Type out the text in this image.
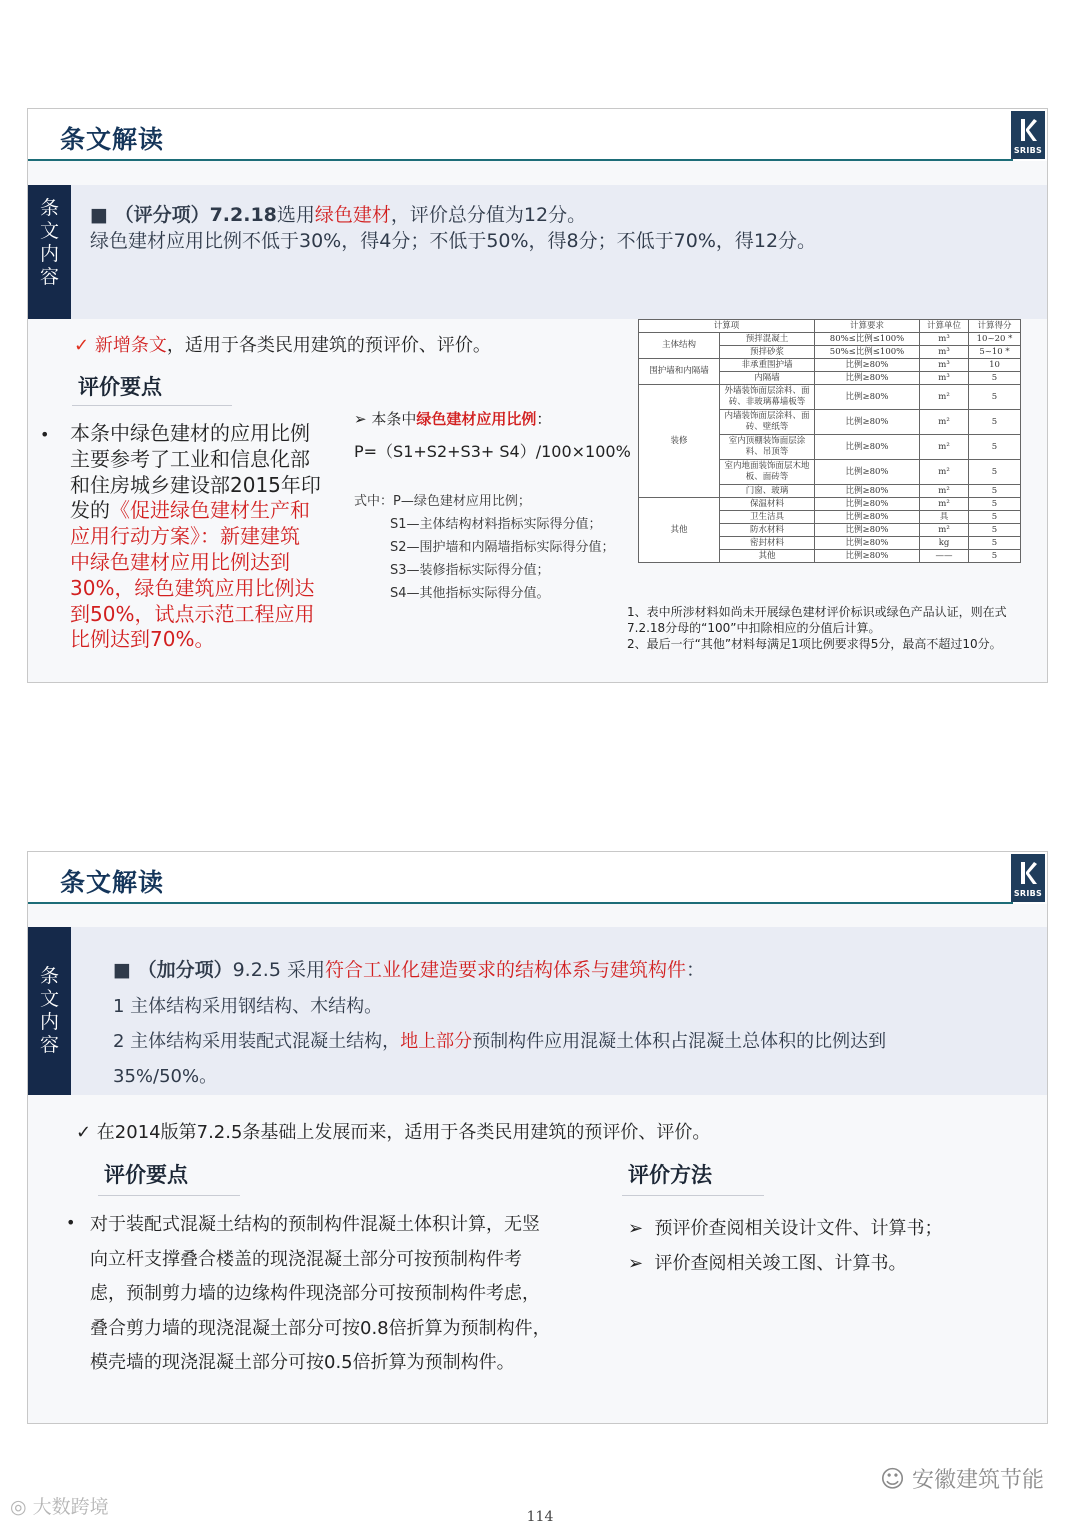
条文解读	SRIBS
条
文
内
容
■ （评分项）7.2.18选用绿色建材，评价总分值为12分。
绿色建材应用比例不低于30%，得4分；不低于50%，得8分；不低于70%，得12分。
✓ 新增条文，适用于各类民用建筑的预评价、评价。
评价要点
• 本条中绿色建材的应用比例
主要参考了工业和信息化部
和住房城乡建设部2015年印
发的《促进绿色建材生产和
应用行动方案》：新建建筑
中绿色建材应用比例达到
30%，绿色建筑应用比例达
到50%，试点示范工程应用
比例达到70%。
➢ 本条中绿色建材应用比例：
P=（S1+S2+S3+ S4）/100×100%
式中：P—绿色建材应用比例；
S1—主体结构材料指标实际得分值；
S2—围护墙和内隔墙指标实际得分值；
S3—装修指标实际得分值；
S4—其他指标实际得分值。
计算项		计算要求	计算单位	计算得分
主体结构	预拌混凝土	80%≤比例≤100%	m³	10~20 *
	预拌砂浆	50%≤比例≤100%	m³	5~10 *
围护墙和内隔墙	非承重围护墙	比例≥80%	m³	10
	内隔墙	比例≥80%	m³	5
装修	外墙装饰面层涂料、面砖、非玻璃幕墙板等	比例≥80%	m²	5
	内墙装饰面层涂料、面砖、壁纸等	比例≥80%	m²	5
	室内顶棚装饰面层涂料、吊顶等	比例≥80%	m²	5
	室内地面装饰面层木地板、面砖等	比例≥80%	m²	5
	门窗、玻璃	比例≥80%	m²	5
其他	保温材料	比例≥80%	m²	5
	卫生洁具	比例≥80%	具	5
	防水材料	比例≥80%	m²	5
	密封材料	比例≥80%	kg	5
	其他	比例≥80%	——	5
1、表中所涉材料如尚未开展绿色建材评价标识或绿色产品认证，则在式
7.2.18分母的“100”中扣除相应的分值后计算。
2、最后一行“其他”材料每满足1项比例要求得5分，最高不超过10分。
条文解读	SRIBS
条
文
内
容
■ （加分项）9.2.5 采用符合工业化建造要求的结构体系与建筑构件：
1 主体结构采用钢结构、木结构。
2 主体结构采用装配式混凝土结构，地上部分预制构件应用混凝土体积占混凝土总体积的比例达到
35%/50%。
✓ 在2014版第7.2.5条基础上发展而来，适用于各类民用建筑的预评价、评价。
评价要点
• 对于装配式混凝土结构的预制构件混凝土体积计算，无竖
向立杆支撑叠合楼盖的现浇混凝土部分可按预制构件考
虑，预制剪力墙的边缘构件现浇部分可按预制构件考虑，
叠合剪力墙的现浇混凝土部分可按0.8倍折算为预制构件，
模壳墙的现浇混凝土部分可按0.5倍折算为预制构件。
评价方法
➢ 预评价查阅相关设计文件、计算书；
➢ 评价查阅相关竣工图、计算书。
☺ 安徽建筑节能
◎ 大数跨境	114
